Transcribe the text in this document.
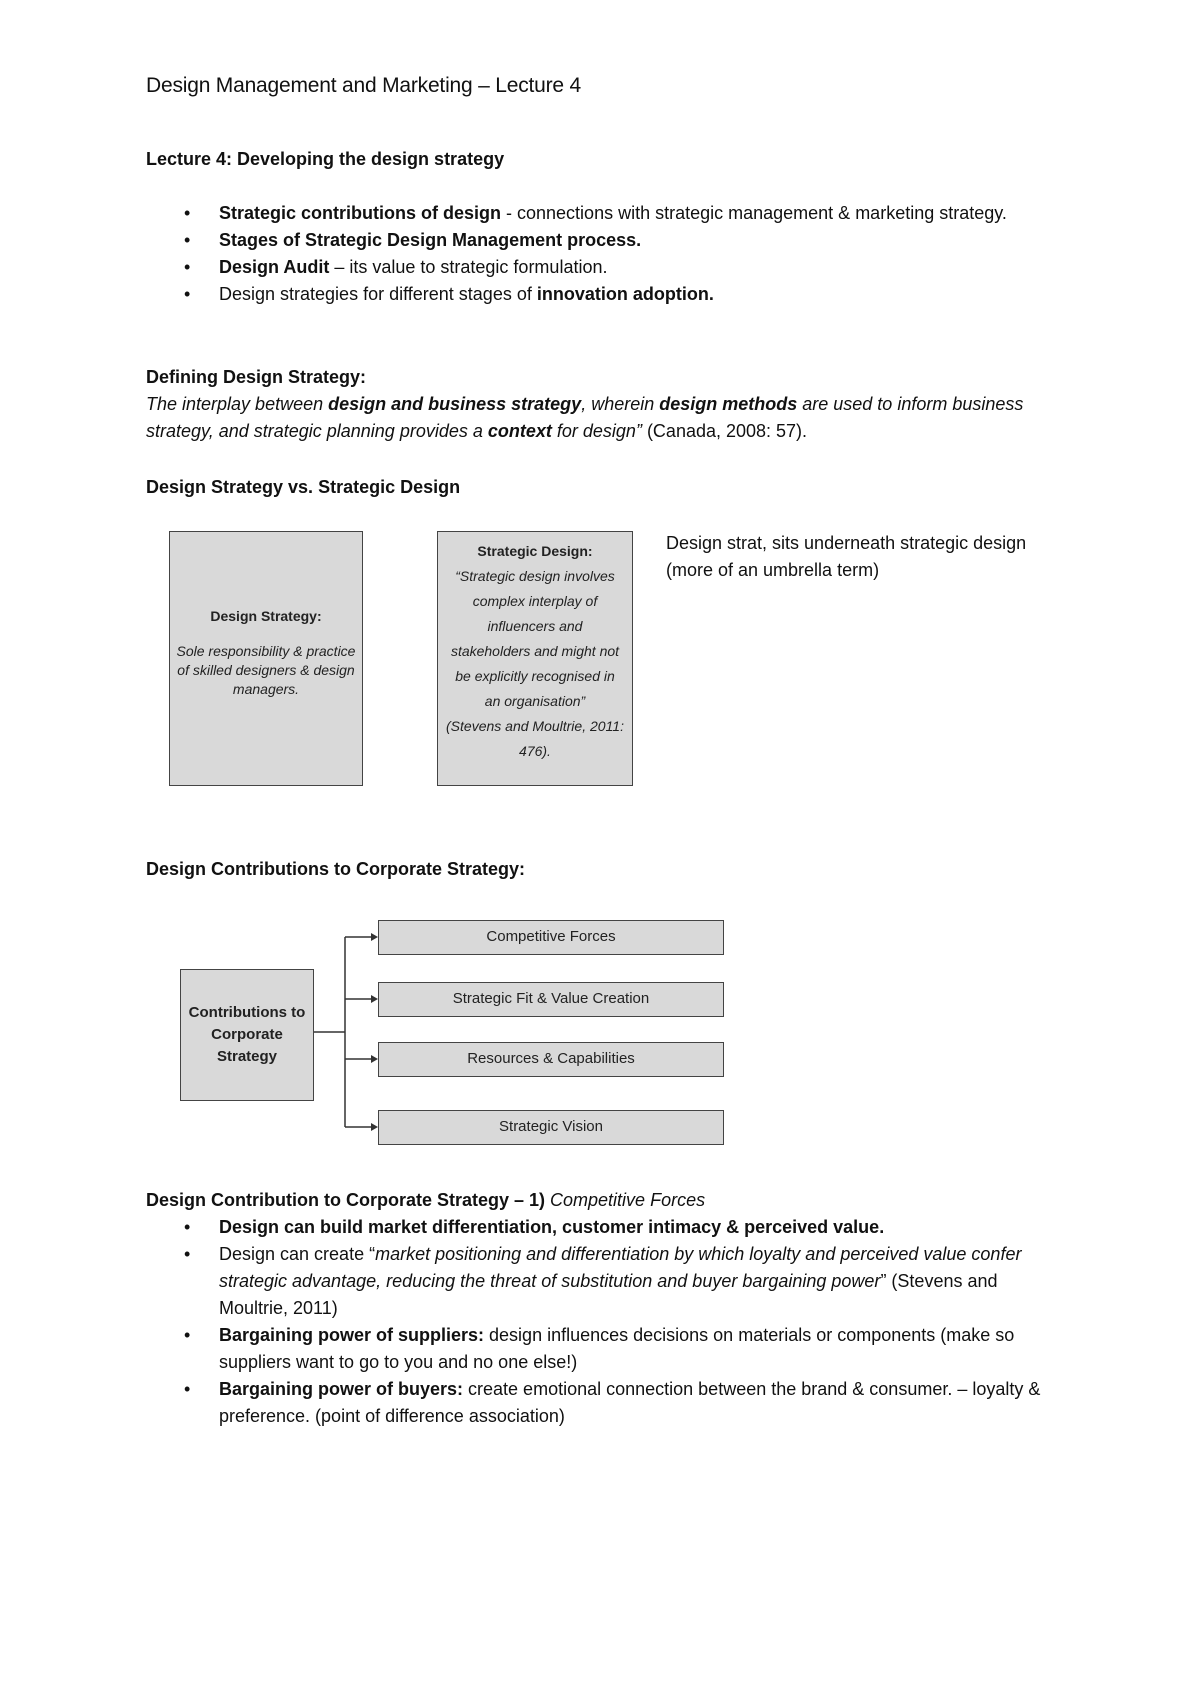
Design Management and Marketing – Lecture 4
Lecture 4: Developing the design strategy
• Strategic contributions of design - connections with strategic management & marketing strategy.
• Stages of Strategic Design Management process.
• Design Audit – its value to strategic formulation.
• Design strategies for different stages of innovation adoption.
Defining Design Strategy:
The interplay between design and business strategy, wherein design methods are used to inform business strategy, and strategic planning provides a context for design” (Canada, 2008: 57).
Design Strategy vs. Strategic Design
Design Strategy:
Sole responsibility & practice of skilled designers & design managers.
Strategic Design:
“Strategic design involves complex interplay of influencers and stakeholders and might not be explicitly recognised in an organisation”
(Stevens and Moultrie, 2011: 476).
Design strat, sits underneath strategic design (more of an umbrella term)
Design Contributions to Corporate Strategy:
Contributions to Corporate Strategy
Competitive Forces
Strategic Fit & Value Creation
Resources & Capabilities
Strategic Vision
Design Contribution to Corporate Strategy – 1) Competitive Forces
• Design can build market differentiation, customer intimacy & perceived value.
• Design can create “market positioning and differentiation by which loyalty and perceived value confer strategic advantage, reducing the threat of substitution and buyer bargaining power” (Stevens and Moultrie, 2011)
• Bargaining power of suppliers: design influences decisions on materials or components (make so suppliers want to go to you and no one else!)
• Bargaining power of buyers: create emotional connection between the brand & consumer. – loyalty & preference. (point of difference association)
